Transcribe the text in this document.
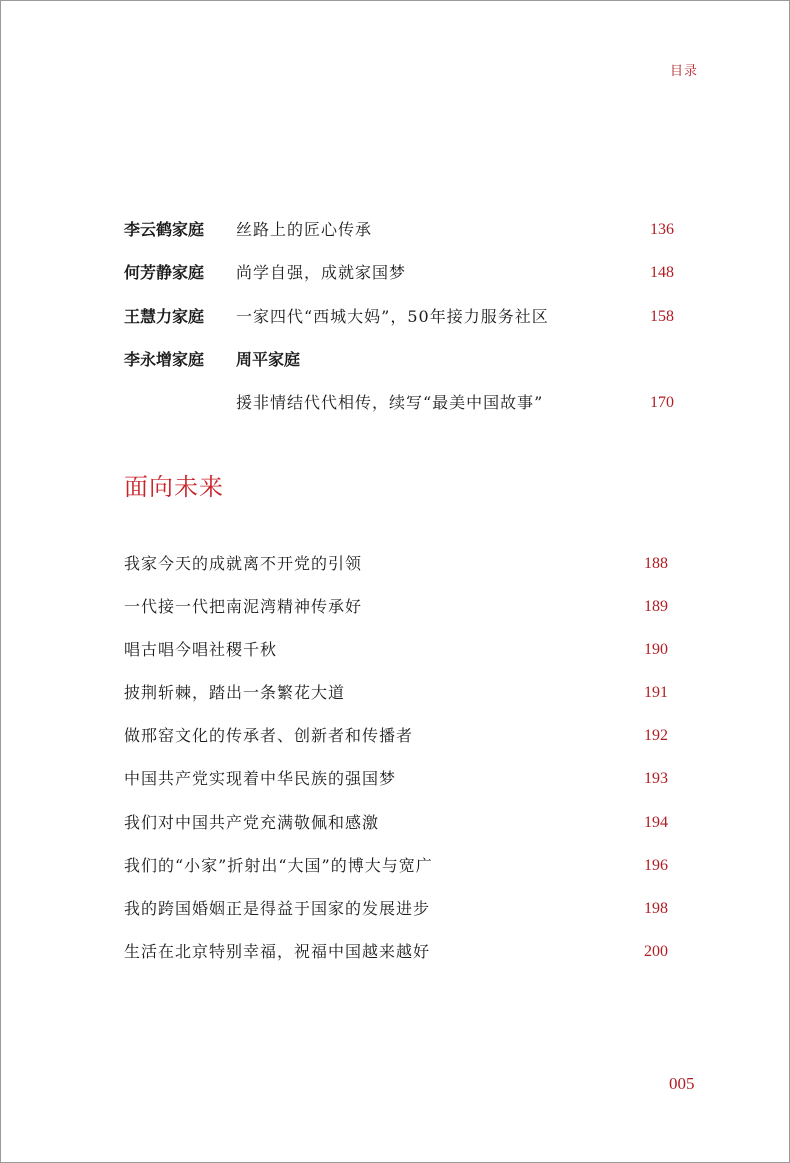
目录
李云鹤家庭 丝路上的匠心传承	136
何芳静家庭 尚学自强，成就家国梦	148
王慧力家庭 一家四代“西城大妈”，50年接力服务社区	158
李永增家庭 周平家庭
援非情结代代相传，续写“最美中国故事”	170
面向未来
我家今天的成就离不开党的引领	188
一代接一代把南泥湾精神传承好	189
唱古唱今唱社稷千秋	190
披荆斩棘，踏出一条繁花大道	191
做邢窑文化的传承者、创新者和传播者	192
中国共产党实现着中华民族的强国梦	193
我们对中国共产党充满敬佩和感激	194
我们的“小家”折射出“大国”的博大与宽广	196
我的跨国婚姻正是得益于国家的发展进步	198
生活在北京特别幸福，祝福中国越来越好	200
005
